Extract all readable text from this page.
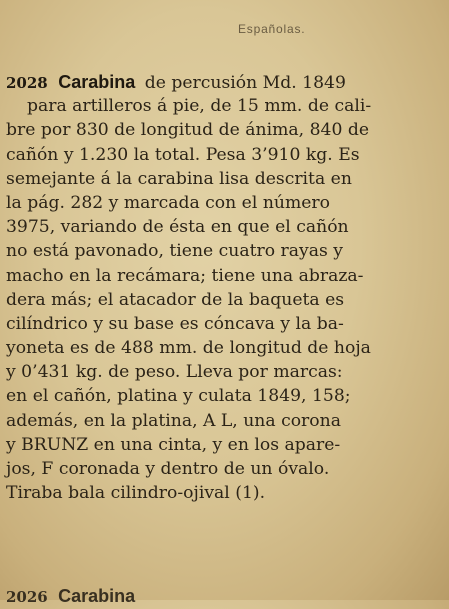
Españolas.
2028 Carabina de percusión Md. 1849
para artilleros á pie, de 15 mm. de cali-
bre por 830 de longitud de ánima, 840 de
cañón y 1.230 la total. Pesa 3’910 kg. Es
semejante á la carabina lisa descrita en
la pág. 282 y marcada con el número
3975, variando de ésta en que el cañón
no está pavonado, tiene cuatro rayas y
macho en la recámara; tiene una abraza-
dera más; el atacador de la baqueta es
cilíndrico y su base es cóncava y la ba-
yoneta es de 488 mm. de longitud de hoja
y 0’431 kg. de peso. Lleva por marcas:
en el cañón, platina y culata 1849, 158;
además, en la platina, A L, una corona
y BRUNZ en una cinta, y en los apare-
jos, F coronada y dentro de un óvalo.
Tiraba bala cilindro-ojival (1).
2026 Carabina
